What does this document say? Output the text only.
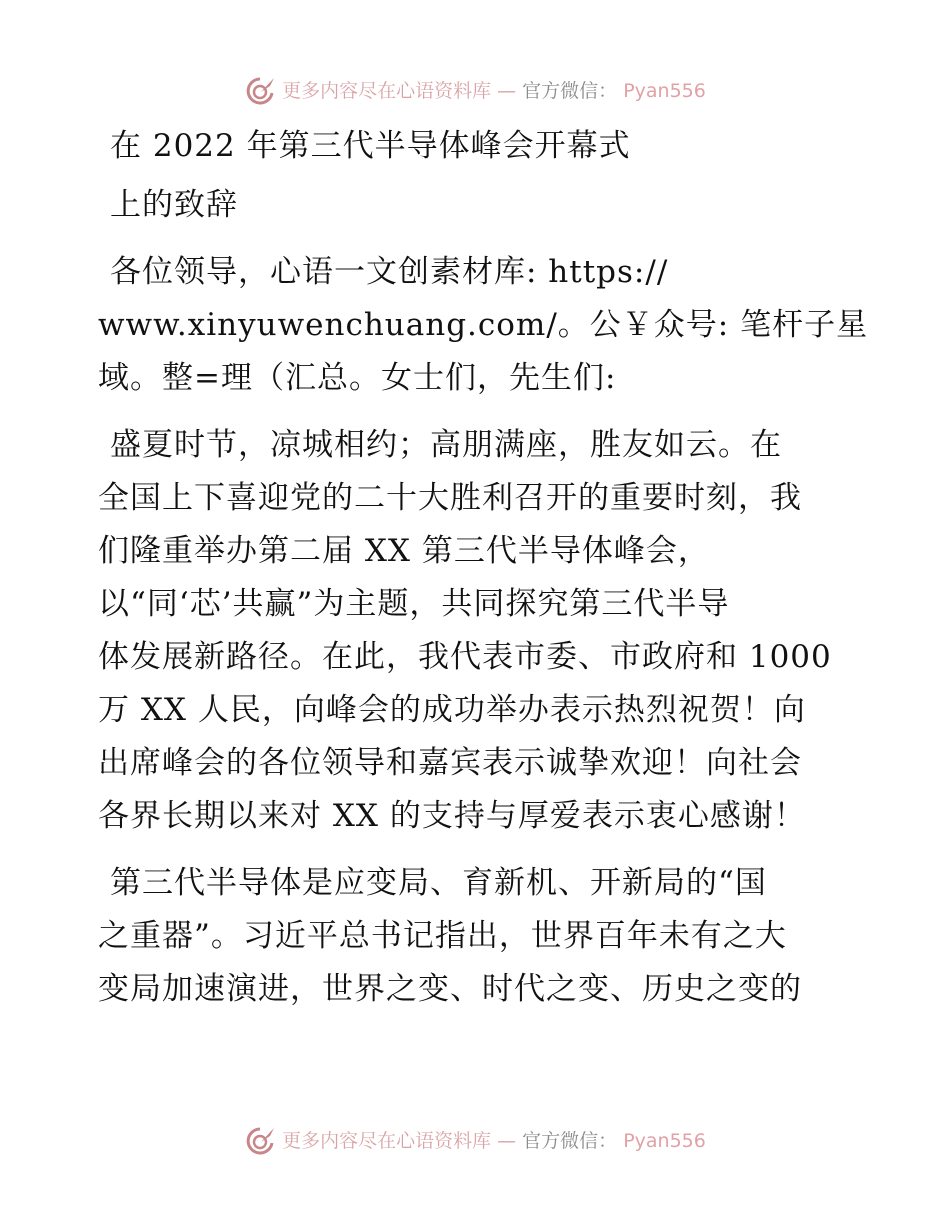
更多内容尽在心语资料库 — 官方微信： Pyan556
在 2022 年第三代半导体峰会开幕式
上的致辞
各位领导，心语一文创素材库: https://
www.xinyuwenchuang.com/。公￥众号: 笔杆子星
域。整=理（汇总。女士们，先生们:
盛夏时节，凉城相约；高朋满座，胜友如云。在
全国上下喜迎党的二十大胜利召开的重要时刻，我
们隆重举办第二届 XX 第三代半导体峰会，
以“同‘芯’共赢”为主题，共同探究第三代半导
体发展新路径。在此，我代表市委、市政府和 1000
万 XX 人民，向峰会的成功举办表示热烈祝贺！向
出席峰会的各位领导和嘉宾表示诚挚欢迎！向社会
各界长期以来对 XX 的支持与厚爱表示衷心感谢！
第三代半导体是应变局、育新机、开新局的“国
之重器”。习近平总书记指出，世界百年未有之大
变局加速演进，世界之变、时代之变、历史之变的
更多内容尽在心语资料库 — 官方微信： Pyan556
